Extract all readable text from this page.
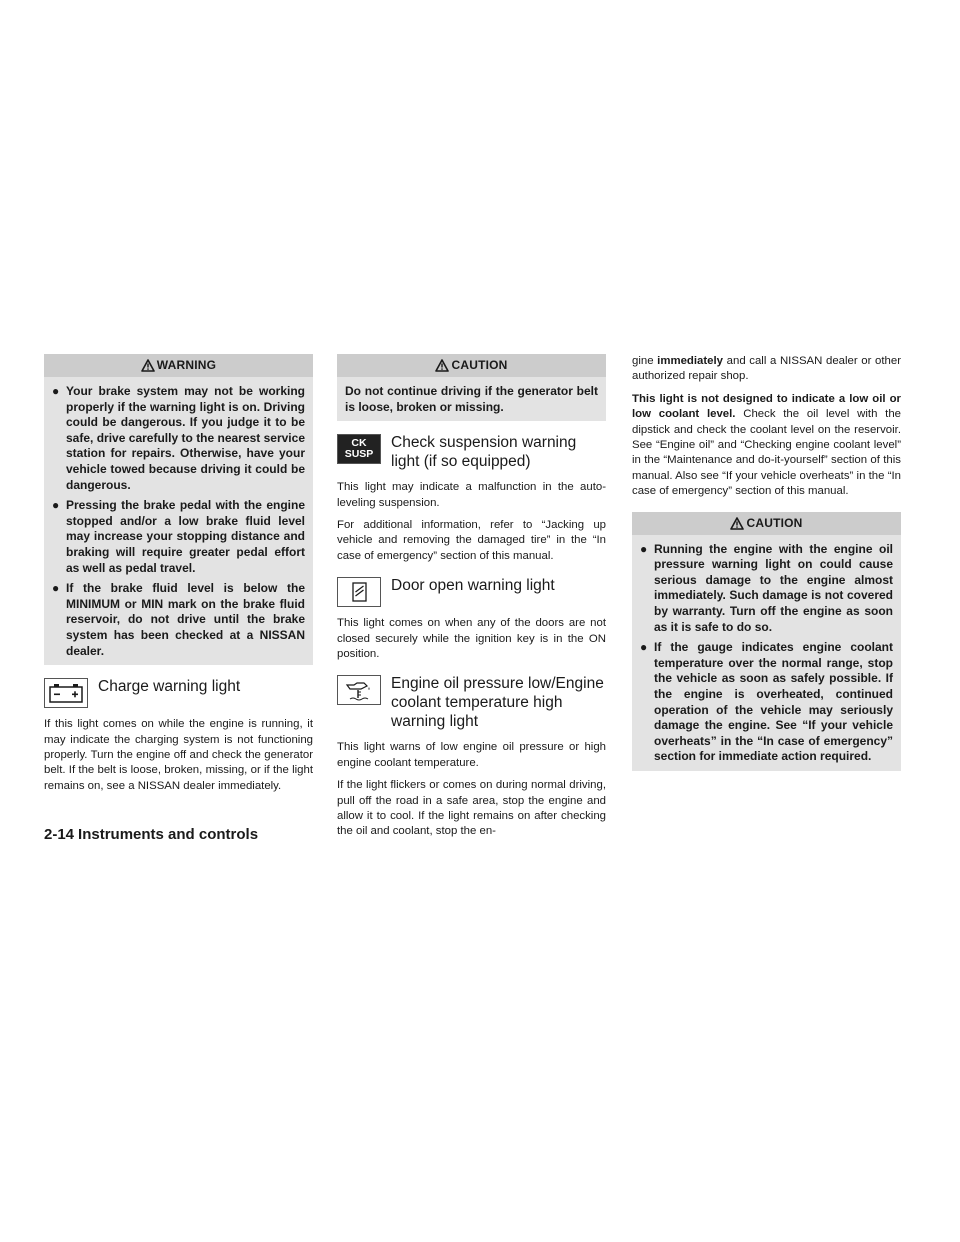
WARNING
● Your brake system may not be working properly if the warning light is on. Driving could be dangerous. If you judge it to be safe, drive carefully to the nearest service station for repairs. Otherwise, have your vehicle towed because driving it could be dangerous.
● Pressing the brake pedal with the engine stopped and/or a low brake fluid level may increase your stopping distance and braking will require greater pedal effort as well as pedal travel.
● If the brake fluid level is below the MINIMUM or MIN mark on the brake fluid reservoir, do not drive until the brake system has been checked at a NISSAN dealer.
Charge warning light

If this light comes on while the engine is running, it may indicate the charging system is not functioning properly. Turn the engine off and check the generator belt. If the belt is loose, broken, missing, or if the light remains on, see a NISSAN dealer immediately.

CAUTION

Do not continue driving if the generator belt is loose, broken or missing.

CK
SUSP
Check suspension warning light (if so equipped)

This light may indicate a malfunction in the auto-leveling suspension.

For additional information, refer to “Jacking up vehicle and removing the damaged tire” in the “In case of emergency” section of this manual.

Door open warning light

This light comes on when any of the doors are not closed securely while the ignition key is in the ON position.

Engine oil pressure low/Engine coolant temperature high warning light

This light warns of low engine oil pressure or high engine coolant temperature.

If the light flickers or comes on during normal driving, pull off the road in a safe area, stop the engine and allow it to cool. If the light remains on after checking the oil and coolant, stop the en-

gine immediately and call a NISSAN dealer or other authorized repair shop.

This light is not designed to indicate a low oil or low coolant level. Check the oil level with the dipstick and check the coolant level on the reservoir. See “Engine oil” and “Checking engine coolant level” in the “Maintenance and do-it-yourself” section of this manual. Also see “If your vehicle overheats” in the “In case of emergency” section of this manual.

CAUTION
● Running the engine with the engine oil pressure warning light on could cause serious damage to the engine almost immediately. Such damage is not covered by warranty. Turn off the engine as soon as it is safe to do so.
● If the gauge indicates engine coolant temperature over the normal range, stop the vehicle as soon as safely possible. If the engine is overheated, continued operation of the vehicle may seriously damage the engine. See “If your vehicle overheats” in the “In case of emergency” section for immediate action required.
2-14 Instruments and controls
